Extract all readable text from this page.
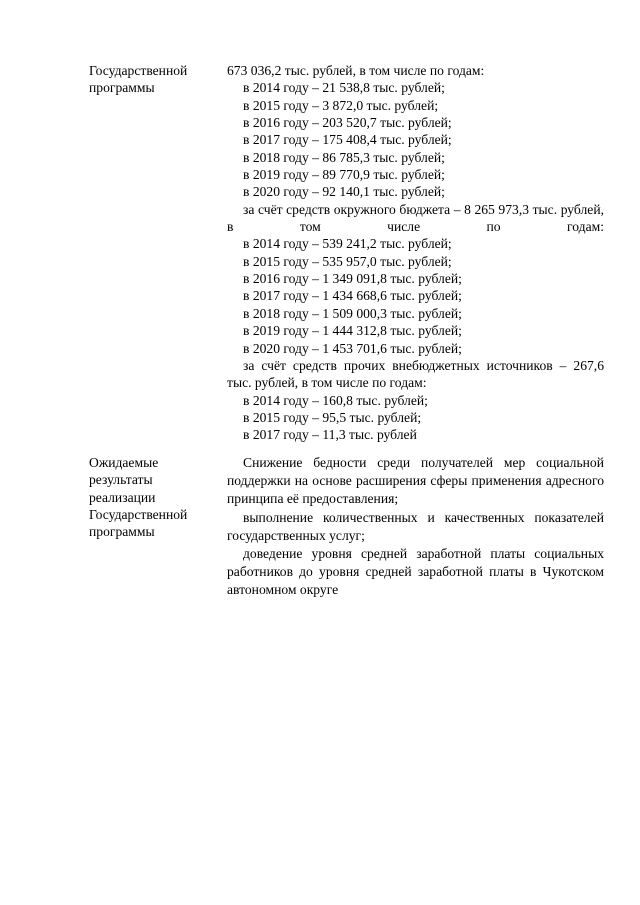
Государственной
программы

673 036,2 тыс. рублей, в том числе по годам:

в 2014 году – 21 538,8 тыс. рублей;

в 2015 году – 3 872,0 тыс. рублей;

в 2016 году – 203 520,7 тыс. рублей;

в 2017 году – 175 408,4 тыс. рублей;

в 2018 году – 86 785,3 тыс. рублей;

в 2019 году – 89 770,9 тыс. рублей;

в 2020 году – 92 140,1 тыс. рублей;

за счёт средств окружного бюджета – 8 265 973,3 тыс. рублей, в том числе по годам:

в 2014 году – 539 241,2 тыс. рублей;

в 2015 году – 535 957,0 тыс. рублей;

в 2016 году – 1 349 091,8 тыс. рублей;

в 2017 году – 1 434 668,6 тыс. рублей;

в 2018 году – 1 509 000,3 тыс. рублей;

в 2019 году – 1 444 312,8 тыс. рублей;

в 2020 году – 1 453 701,6 тыс. рублей;

за счёт средств прочих внебюджетных источников – 267,6 тыс. рублей, в том числе по годам:

в 2014 году – 160,8 тыс. рублей;

в 2015 году – 95,5 тыс. рублей;

в 2017 году – 11,3 тыс. рублей

Ожидаемые
результаты
реализации
Государственной
программы

Снижение бедности среди получателей мер социальной поддержки на основе расширения сферы применения адресного принципа её предоставления;

выполнение количественных и качественных показателей государственных услуг;

доведение уровня средней заработной платы социальных работников до уровня средней заработной платы в Чукотском автономном округе
